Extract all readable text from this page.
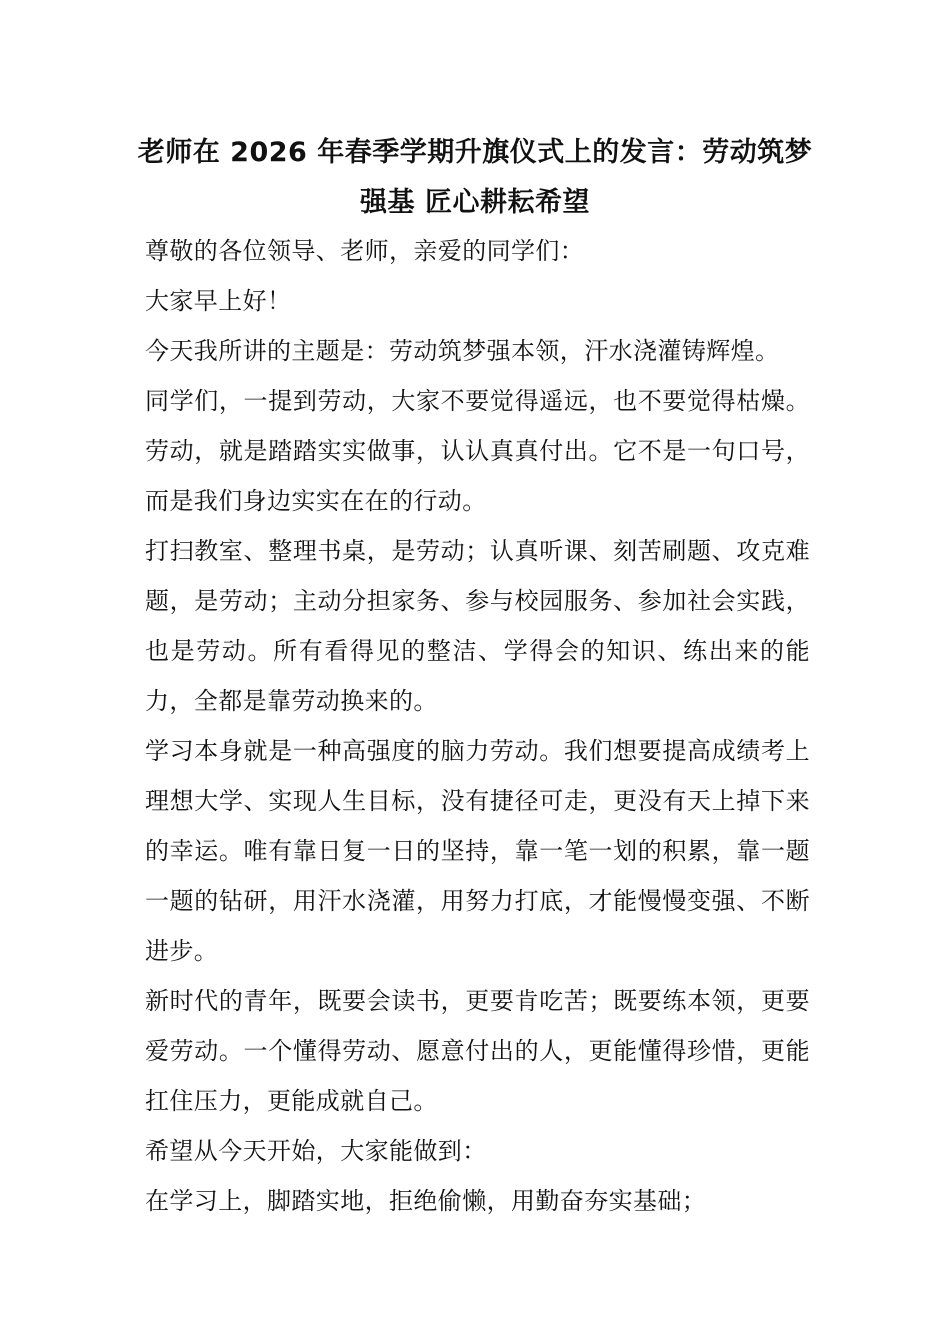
老师在 2026 年春季学期升旗仪式上的发言：劳动筑梦强基 匠心耕耘希望

尊敬的各位领导、老师，亲爱的同学们：

大家早上好！

今天我所讲的主题是：劳动筑梦强本领，汗水浇灌铸辉煌。

同学们，一提到劳动，大家不要觉得遥远，也不要觉得枯燥。劳动，就是踏踏实实做事，认认真真付出。它不是一句口号，而是我们身边实实在在的行动。

打扫教室、整理书桌，是劳动；认真听课、刻苦刷题、攻克难题，是劳动；主动分担家务、参与校园服务、参加社会实践，也是劳动。所有看得见的整洁、学得会的知识、练出来的能力，全都是靠劳动换来的。

学习本身就是一种高强度的脑力劳动。我们想要提高成绩考上理想大学、实现人生目标，没有捷径可走，更没有天上掉下来的幸运。唯有靠日复一日的坚持，靠一笔一划的积累，靠一题一题的钻研，用汗水浇灌，用努力打底，才能慢慢变强、不断进步。

新时代的青年，既要会读书，更要肯吃苦；既要练本领，更要爱劳动。一个懂得劳动、愿意付出的人，更能懂得珍惜，更能扛住压力，更能成就自己。

希望从今天开始，大家能做到：

在学习上，脚踏实地，拒绝偷懒，用勤奋夯实基础；
